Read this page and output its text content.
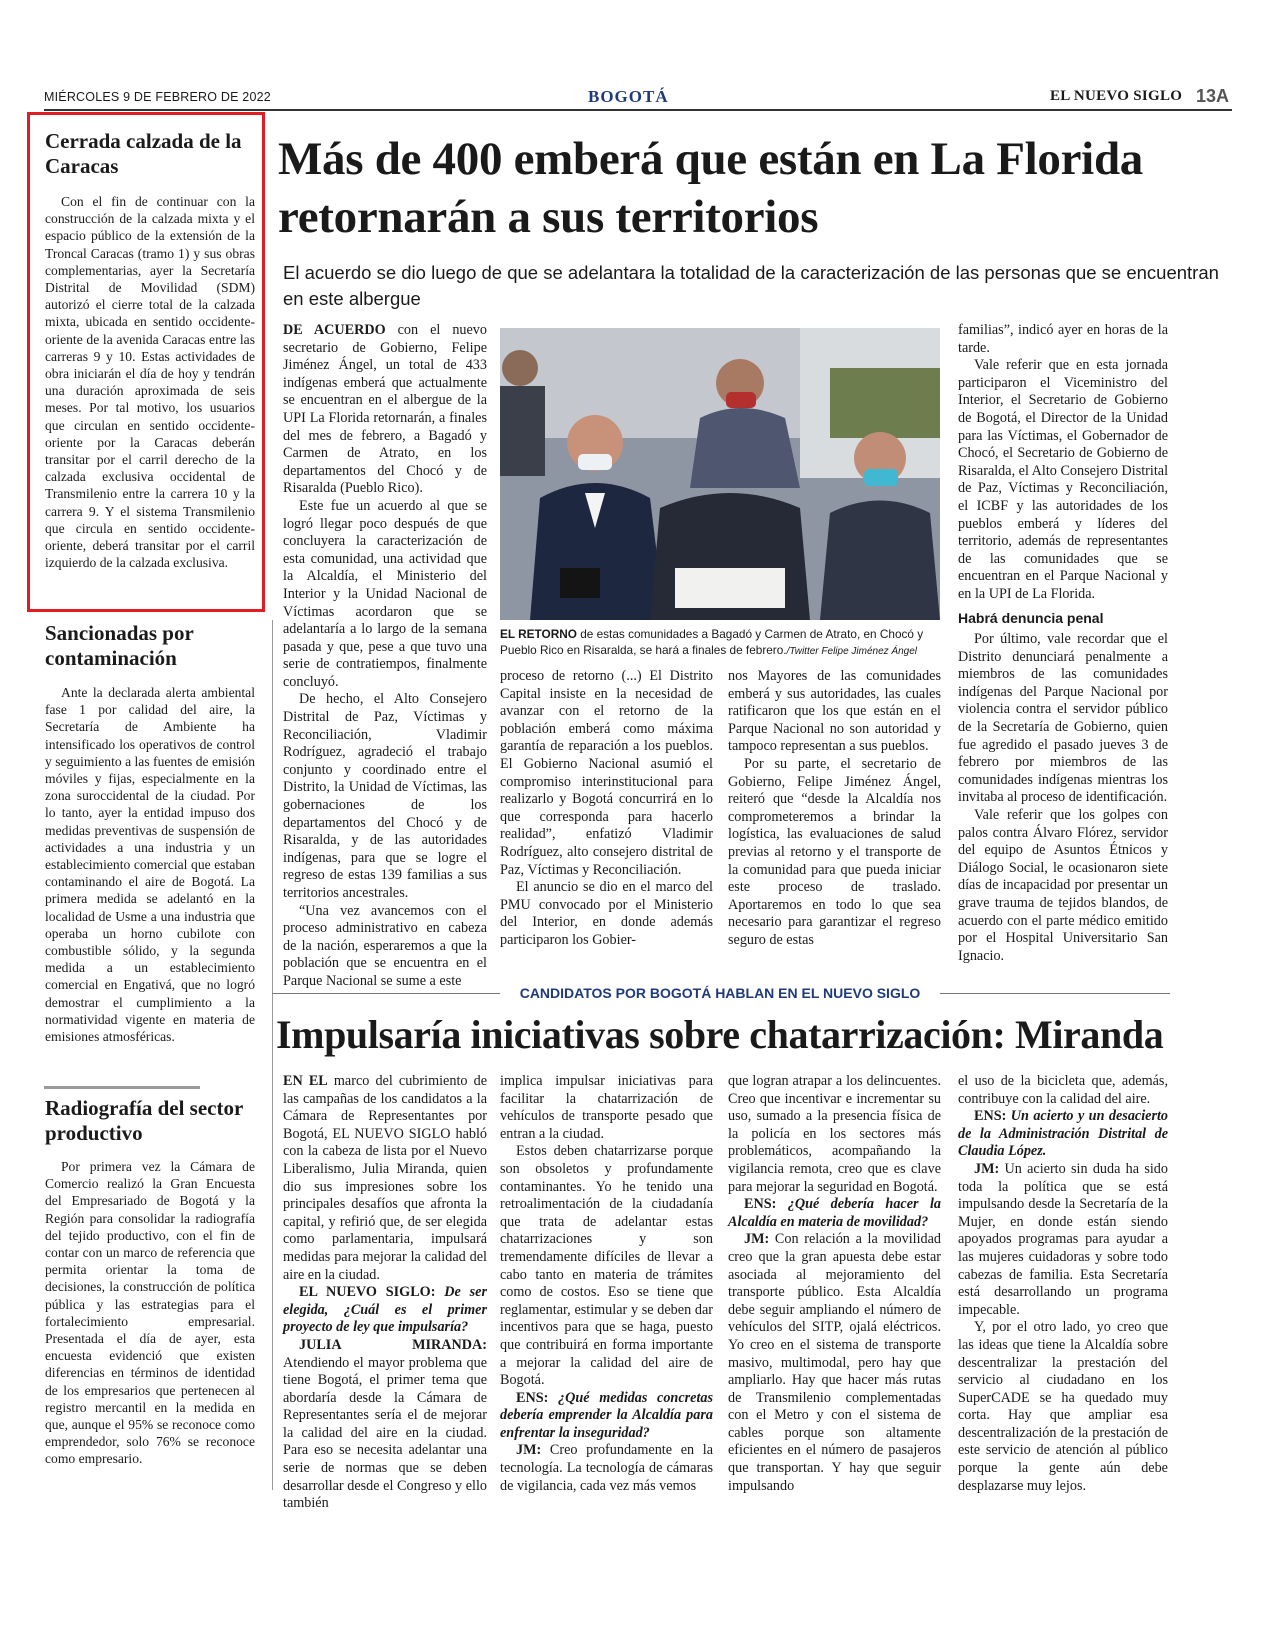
MIÉRCOLES 9 DE FEBRERO DE 2022	BOGOTÁ	EL NUEVO SIGLO 13A
Cerrada calzada de la Caracas

Con el fin de continuar con la construcción de la calzada mixta y el espacio público de la extensión de la Troncal Caracas (tramo 1) y sus obras complementarias, ayer la Secretaría Distrital de Movilidad (SDM) autorizó el cierre total de la calzada mixta, ubicada en sentido occidente-oriente de la avenida Caracas entre las carreras 9 y 10. Estas actividades de obra iniciarán el día de hoy y tendrán una duración aproximada de seis meses. Por tal motivo, los usuarios que circulan en sentido occidente-oriente por la Caracas deberán transitar por el carril derecho de la calzada exclusiva occidental de Transmilenio entre la carrera 10 y la carrera 9. Y el sistema Transmilenio que circula en sentido occidente-oriente, deberá transitar por el carril izquierdo de la calzada exclusiva.

Sancionadas por contaminación

Ante la declarada alerta ambiental fase 1 por calidad del aire, la Secretaría de Ambiente ha intensificado los operativos de control y seguimiento a las fuentes de emisión móviles y fijas, especialmente en la zona suroccidental de la ciudad. Por lo tanto, ayer la entidad impuso dos medidas preventivas de suspensión de actividades a una industria y un establecimiento comercial que estaban contaminando el aire de Bogotá. La primera medida se adelantó en la localidad de Usme a una industria que operaba un horno cubilote con combustible sólido, y la segunda medida a un establecimiento comercial en Engativá, que no logró demostrar el cumplimiento a la normatividad vigente en materia de emisiones atmosféricas.

Radiografía del sector productivo

Por primera vez la Cámara de Comercio realizó la Gran Encuesta del Empresariado de Bogotá y la Región para consolidar la radiografía del tejido productivo, con el fin de contar con un marco de referencia que permita orientar la toma de decisiones, la construcción de política pública y las estrategias para el fortalecimiento empresarial. Presentada el día de ayer, esta encuesta evidenció que existen diferencias en términos de identidad de los empresarios que pertenecen al registro mercantil en la medida en que, aunque el 95% se reconoce como emprendedor, solo 76% se reconoce como empresario.

Más de 400 emberá que están en La Florida retornarán a sus territorios
El acuerdo se dio luego de que se adelantara la totalidad de la caracterización de las personas que se encuentran en este albergue

DE ACUERDO con el nuevo secretario de Gobierno, Felipe Jiménez Ángel, un total de 433 indígenas emberá que actualmente se encuentran en el albergue de la UPI La Florida retornarán, a finales del mes de febrero, a Bagadó y Carmen de Atrato, en los departamentos del Chocó y de Risaralda (Pueblo Rico).

Este fue un acuerdo al que se logró llegar poco después de que concluyera la caracterización de esta comunidad, una actividad que la Alcaldía, el Ministerio del Interior y la Unidad Nacional de Víctimas acordaron que se adelantaría a lo largo de la semana pasada y que, pese a que tuvo una serie de contratiempos, finalmente concluyó.

De hecho, el Alto Consejero Distrital de Paz, Víctimas y Reconciliación, Vladimir Rodríguez, agradeció el trabajo conjunto y coordinado entre el Distrito, la Unidad de Víctimas, las gobernaciones de los departamentos del Chocó y de Risaralda, y de las autoridades indígenas, para que se logre el regreso de estas 139 familias a sus territorios ancestrales.

“Una vez avancemos con el proceso administrativo en cabeza de la nación, esperaremos a que la población que se encuentra en el Parque Nacional se sume a este

EL RETORNO de estas comunidades a Bagadó y Carmen de Atrato, en Chocó y Pueblo Rico en Risaralda, se hará a finales de febrero./Twitter Felipe Jiménez Ángel

proceso de retorno (...) El Distrito Capital insiste en la necesidad de avanzar con el retorno de la población emberá como máxima garantía de reparación a los pueblos. El Gobierno Nacional asumió el compromiso interinstitucional para realizarlo y Bogotá concurrirá en lo que corresponda para hacerlo realidad”, enfatizó Vladimir Rodríguez, alto consejero distrital de Paz, Víctimas y Reconciliación.

El anuncio se dio en el marco del PMU convocado por el Ministerio del Interior, en donde además participaron los Gobier-

nos Mayores de las comunidades emberá y sus autoridades, las cuales ratificaron que los que están en el Parque Nacional no son autoridad y tampoco representan a sus pueblos.

Por su parte, el secretario de Gobierno, Felipe Jiménez Ángel, reiteró que “desde la Alcaldía nos comprometeremos a brindar la logística, las evaluaciones de salud previas al retorno y el transporte de la comunidad para que pueda iniciar este proceso de traslado. Aportaremos en todo lo que sea necesario para garantizar el regreso seguro de estas

familias”, indicó ayer en horas de la tarde.

Vale referir que en esta jornada participaron el Viceministro del Interior, el Secretario de Gobierno de Bogotá, el Director de la Unidad para las Víctimas, el Gobernador de Chocó, el Secretario de Gobierno de Risaralda, el Alto Consejero Distrital de Paz, Víctimas y Reconciliación, el ICBF y las autoridades de los pueblos emberá y líderes del territorio, además de representantes de las comunidades que se encuentran en el Parque Nacional y en la UPI de La Florida.

Habrá denuncia penal

Por último, vale recordar que el Distrito denunciará penalmente a miembros de las comunidades indígenas del Parque Nacional por violencia contra el servidor público de la Secretaría de Gobierno, quien fue agredido el pasado jueves 3 de febrero por miembros de las comunidades indígenas mientras los invitaba al proceso de identificación.

Vale referir que los golpes con palos contra Álvaro Flórez, servidor del equipo de Asuntos Étnicos y Diálogo Social, le ocasionaron siete días de incapacidad por presentar un grave trauma de tejidos blandos, de acuerdo con el parte médico emitido por el Hospital Universitario San Ignacio.

CANDIDATOS POR BOGOTÁ HABLAN EN EL NUEVO SIGLO
Impulsaría iniciativas sobre chatarrización: Miranda

EN EL marco del cubrimiento de las campañas de los candidatos a la Cámara de Representantes por Bogotá, EL NUEVO SIGLO habló con la cabeza de lista por el Nuevo Liberalismo, Julia Miranda, quien dio sus impresiones sobre los principales desafíos que afronta la capital, y refirió que, de ser elegida como parlamentaria, impulsará medidas para mejorar la calidad del aire en la ciudad.

EL NUEVO SIGLO: De ser elegida, ¿Cuál es el primer proyecto de ley que impulsaría?

JULIA MIRANDA: Atendiendo el mayor problema que tiene Bogotá, el primer tema que abordaría desde la Cámara de Representantes sería el de mejorar la calidad del aire en la ciudad. Para eso se necesita adelantar una serie de normas que se deben desarrollar desde el Congreso y ello también

implica impulsar iniciativas para facilitar la chatarrización de vehículos de transporte pesado que entran a la ciudad.

Estos deben chatarrizarse porque son obsoletos y profundamente contaminantes. Yo he tenido una retroalimentación de la ciudadanía que trata de adelantar estas chatarrizaciones y son tremendamente difíciles de llevar a cabo tanto en materia de trámites como de costos. Eso se tiene que reglamentar, estimular y se deben dar incentivos para que se haga, puesto que contribuirá en forma importante a mejorar la calidad del aire de Bogotá.

ENS: ¿Qué medidas concretas debería emprender la Alcaldía para enfrentar la inseguridad?

JM: Creo profundamente en la tecnología. La tecnología de cámaras de vigilancia, cada vez más vemos

que logran atrapar a los delincuentes. Creo que incentivar e incrementar su uso, sumado a la presencia física de la policía en los sectores más problemáticos, acompañando la vigilancia remota, creo que es clave para mejorar la seguridad en Bogotá.

ENS: ¿Qué debería hacer la Alcaldía en materia de movilidad?

JM: Con relación a la movilidad creo que la gran apuesta debe estar asociada al mejoramiento del transporte público. Esta Alcaldía debe seguir ampliando el número de vehículos del SITP, ojalá eléctricos. Yo creo en el sistema de transporte masivo, multimodal, pero hay que ampliarlo. Hay que hacer más rutas de Transmilenio complementadas con el Metro y con el sistema de cables porque son altamente eficientes en el número de pasajeros que transportan. Y hay que seguir impulsando

el uso de la bicicleta que, además, contribuye con la calidad del aire.

ENS: Un acierto y un desacierto de la Administración Distrital de Claudia López.

JM: Un acierto sin duda ha sido toda la política que se está impulsando desde la Secretaría de la Mujer, en donde están siendo apoyados programas para ayudar a las mujeres cuidadoras y sobre todo cabezas de familia. Esta Secretaría está desarrollando un programa impecable.

Y, por el otro lado, yo creo que las ideas que tiene la Alcaldía sobre descentralizar la prestación del servicio al ciudadano en los SuperCADE se ha quedado muy corta. Hay que ampliar esa descentralización de la prestación de este servicio de atención al público porque la gente aún debe desplazarse muy lejos.
